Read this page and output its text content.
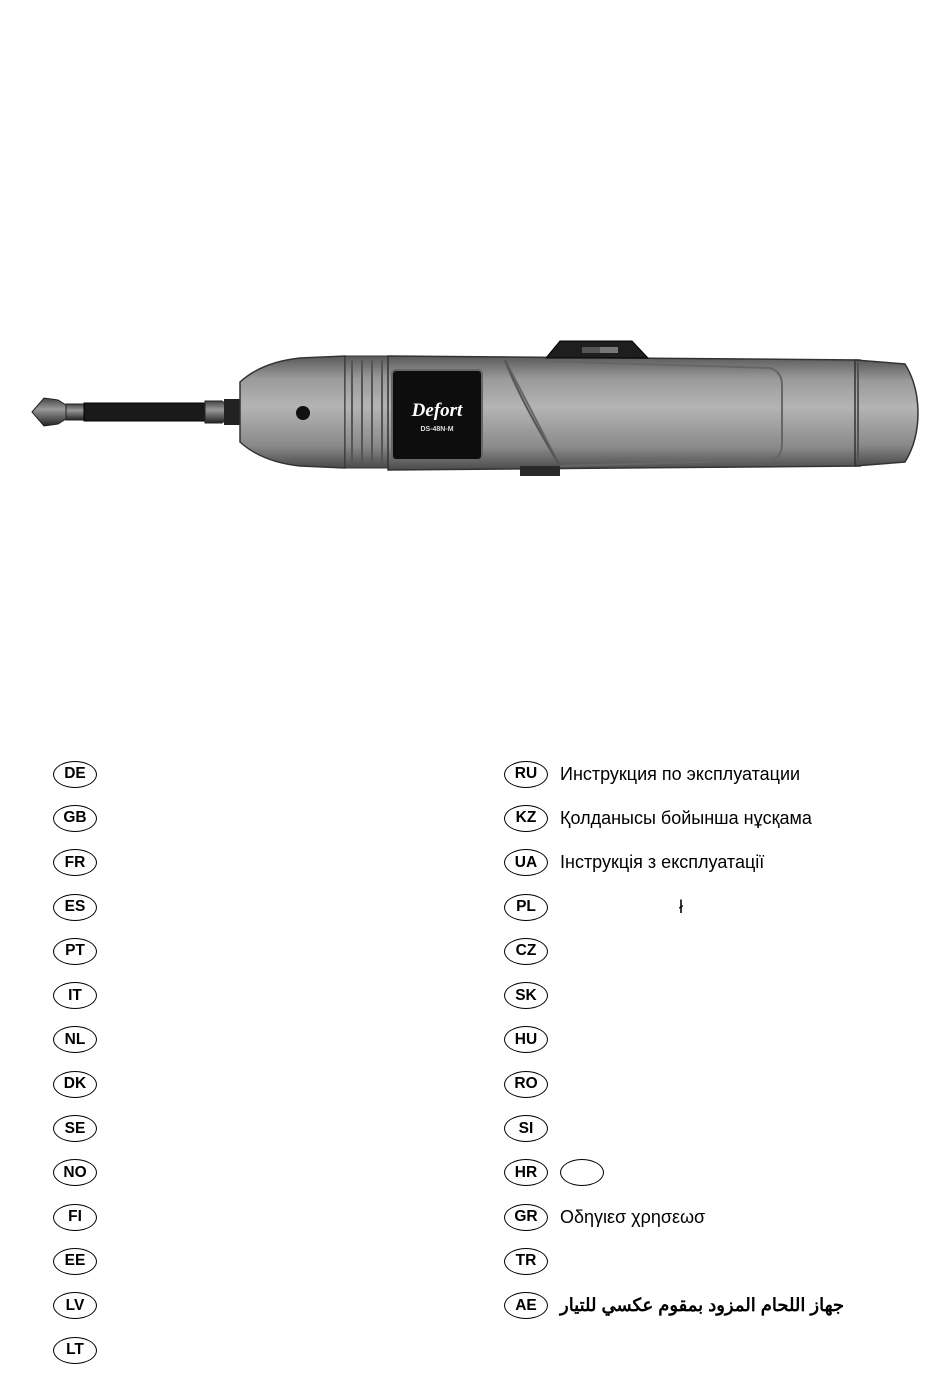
Defort
DS-48N-M
DE
GB
FR
ES
PT
IT
NL
DK
SE
NO
FI
EE
LV
LT
RU	Инструкция по эксплуатации
KZ	Қолданысы бойынша нұсқама
UA	Інструкція з експлуатації
PL	ł
CZ
SK
HU
RO
SI
HR
GR	Οδηγιεσ χρησεωσ
TR
AE	جهاز اللحام المزود بمقوم عكسي للتيار
